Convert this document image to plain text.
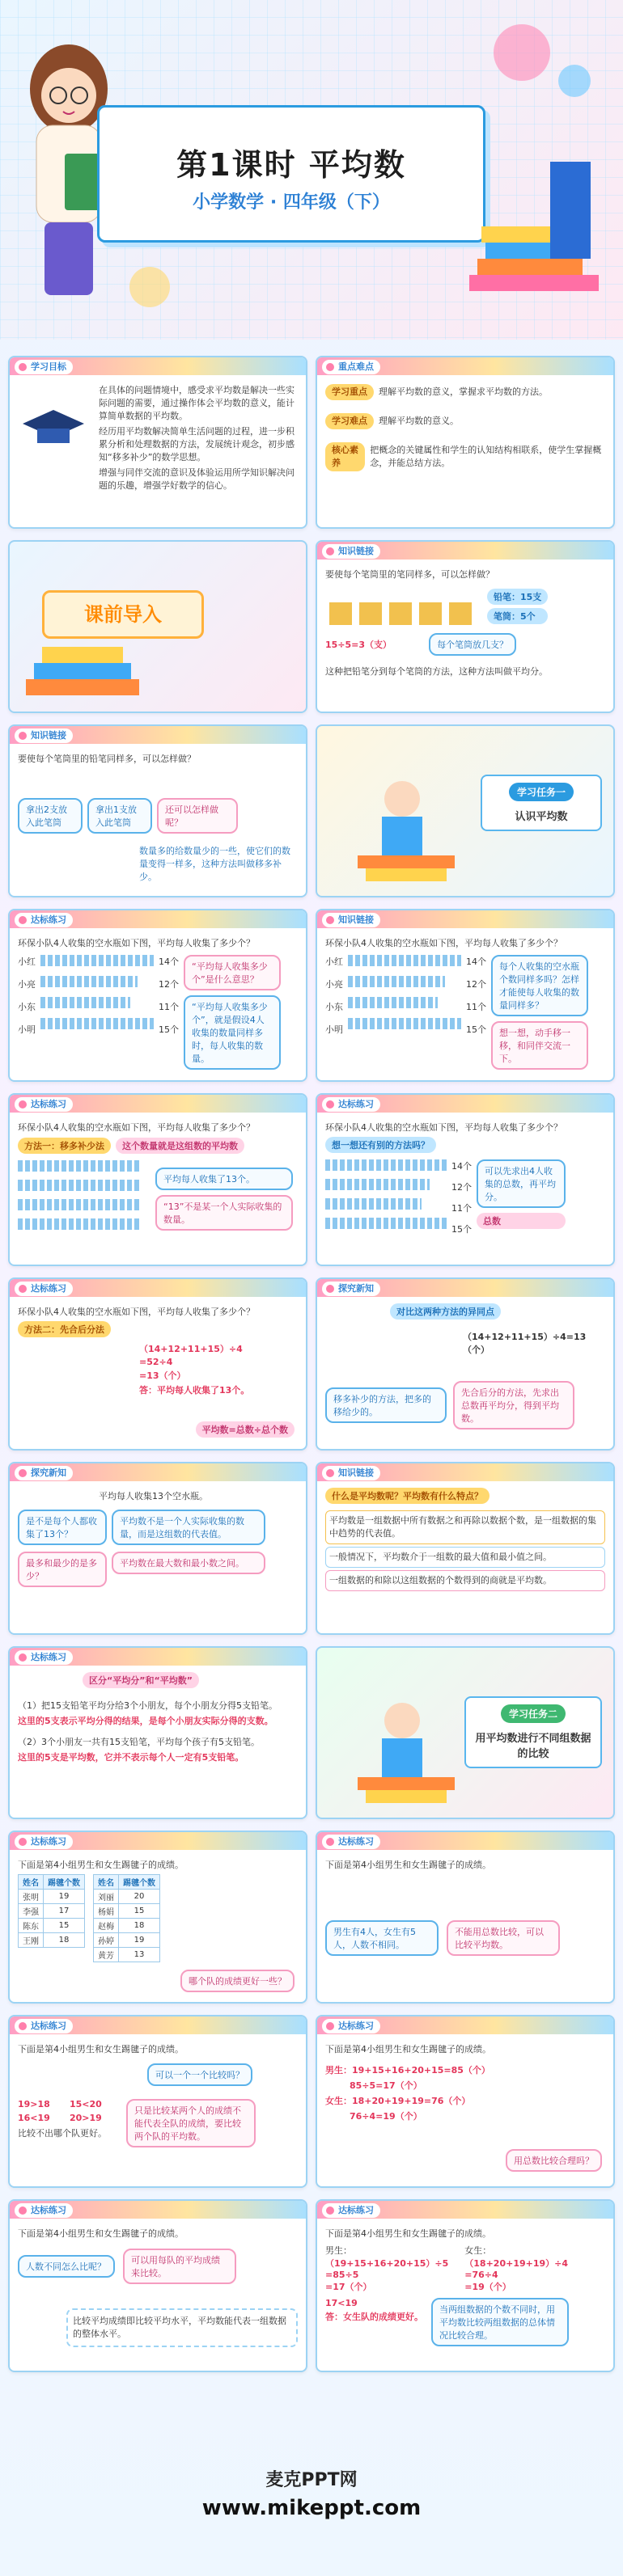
第1课时 平均数
小学数学 · 四年级（下）
学习目标
在具体的问题情境中，感受求平均数是解决一些实际问题的需要，通过操作体会平均数的意义，能计算简单数据的平均数。
经历用平均数解决简单生活问题的过程，进一步积累分析和处理数据的方法，发展统计观念，初步感知“移多补少”的数学思想。
增强与同伴交流的意识及体验运用所学知识解决问题的乐趣，增强学好数学的信心。
重点难点
学习重点	理解平均数的意义，掌握求平均数的方法。
学习难点	理解平均数的意义。
核心素养
把概念的关键属性和学生的认知结构相联系，使学生掌握概念，并能总结方法。
课前导入
知识链接
要使每个笔筒里的笔同样多，可以怎样做？
铅笔：15支
笔筒：5个
15÷5=3（支）	每个笔筒放几支？
这种把铅笔分到每个笔筒的方法，这种方法叫做平均分。
知识链接
要使每个笔筒里的铅笔同样多，可以怎样做？
拿出2支放入此笔筒
拿出1支放入此笔筒
还可以怎样做呢？
数量多的给数量少的一些，使它们的数量变得一样多，这种方法叫做移多补少。
学习任务一
认识平均数
达标练习
环保小队4人收集的空水瓶如下图，平均每人收集了多少个？
小红
小亮
小东
小明
14个
12个
11个
15个
“平均每人收集多少个”是什么意思？
“平均每人收集多少个”，就是假设4人收集的数量同样多时，每人收集的数量。
知识链接
环保小队4人收集的空水瓶如下图，平均每人收集了多少个？
小红
小亮
小东
小明
14个
12个
11个
15个
每个人收集的空水瓶个数同样多吗？怎样才能使每人收集的数量同样多？
想一想，动手移一移，和同伴交流一下。
达标练习
环保小队4人收集的空水瓶如下图，平均每人收集了多少个？
方法一：移多补少法	这个数量就是这组数的平均数
平均每人收集了13个。
“13”不是某一个人实际收集的数量。
达标练习
环保小队4人收集的空水瓶如下图，平均每人收集了多少个？
想一想还有别的方法吗？
14个
12个
11个
15个
可以先求出4人收集的总数，再平均分。
总数
达标练习
环保小队4人收集的空水瓶如下图，平均每人收集了多少个？
方法二：先合后分法
（14+12+11+15）÷4
=52÷4
=13（个）
答：平均每人收集了13个。
平均数=总数÷总个数
探究新知
对比这两种方法的异同点
（14+12+11+15）÷4=13（个）
移多补少的方法，把多的移给少的。
先合后分的方法，先求出总数再平均分，得到平均数。
探究新知
平均每人收集13个空水瓶。
是不是每个人都收集了13个？
平均数不是一个人实际收集的数量，而是这组数的代表值。
最多和最少的是多少？
平均数在最大数和最小数之间。
知识链接
什么是平均数呢？平均数有什么特点？
平均数是一组数据中所有数据之和再除以数据个数，是一组数据的集中趋势的代表值。
一般情况下，平均数介于一组数的最大值和最小值之间。
一组数据的和除以这组数据的个数得到的商就是平均数。
达标练习
区分“平均分”和“平均数”
（1）把15支铅笔平均分给3个小朋友，每个小朋友分得5支铅笔。
这里的5支表示平均分得的结果，是每个小朋友实际分得的支数。
（2）3个小朋友一共有15支铅笔，平均每个孩子有5支铅笔。
这里的5支是平均数，它并不表示每个人一定有5支铅笔。
学习任务二
用平均数进行不同组数据的比较
达标练习
下面是第4小组男生和女生踢毽子的成绩。
姓名	踢毽个数
张明	19
李强	17
陈东	15
王刚	18
姓名	踢毽个数
刘丽	20
杨娟	15
赵梅	18
孙婷	19
黄芳	13
哪个队的成绩更好一些？
达标练习
下面是第4小组男生和女生踢毽子的成绩。
男生有4人，女生有5人，人数不相同。
不能用总数比较，可以比较平均数。
达标练习
下面是第4小组男生和女生踢毽子的成绩。
可以一个一个比较吗？
19>18	15<20
16<19	20>19
比较不出哪个队更好。
只是比较某两个人的成绩不能代表全队的成绩，要比较两个队的平均数。
达标练习
下面是第4小组男生和女生踢毽子的成绩。
男生：19+15+16+20+15=85（个）
85÷5=17（个）
女生：18+20+19+19=76（个）
76÷4=19（个）
用总数比较合理吗？
达标练习
下面是第4小组男生和女生踢毽子的成绩。
人数不同怎么比呢？
可以用每队的平均成绩来比较。
比较平均成绩即比较平均水平，平均数能代表一组数据的整体水平。
达标练习
下面是第4小组男生和女生踢毽子的成绩。
男生：
（19+15+16+20+15）÷5
=85÷5
=17（个）
女生：
（18+20+19+19）÷4
=76÷4
=19（个）
17<19
答：女生队的成绩更好。
当两组数据的个数不同时，用平均数比较两组数据的总体情况比较合理。
麦克PPT网
www.mikeppt.com
